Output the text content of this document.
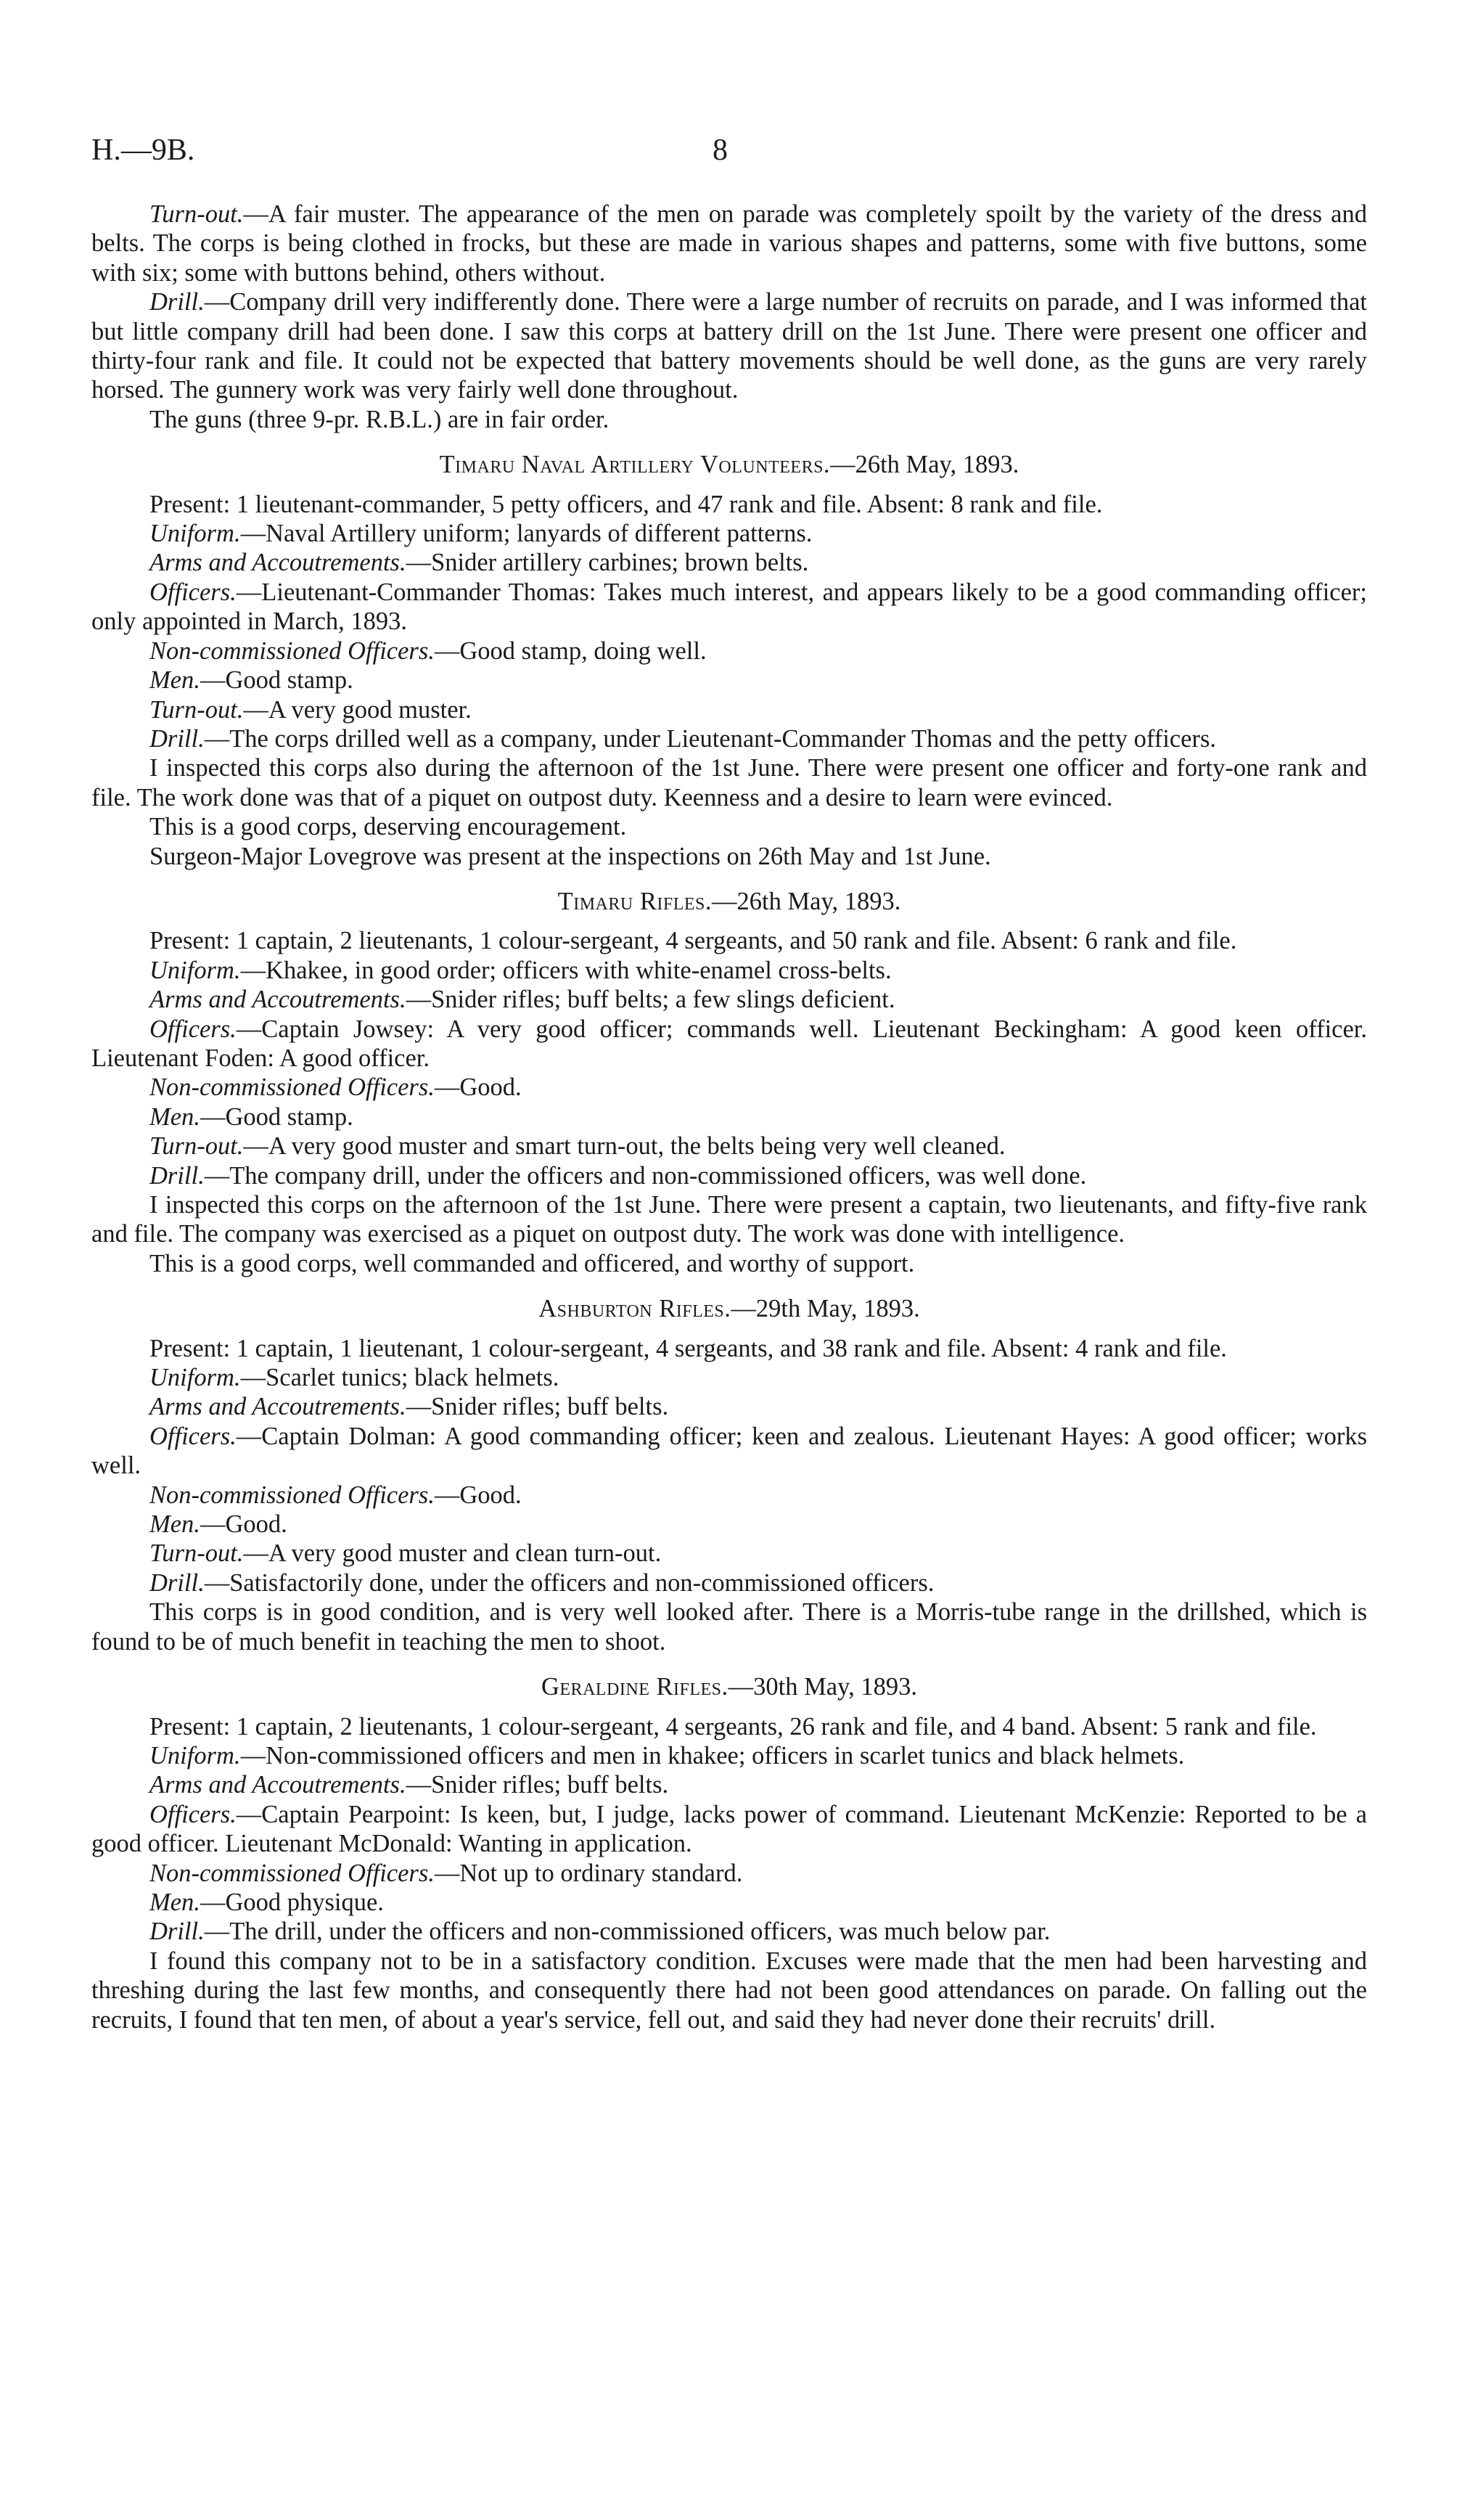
H.—9B.	8

Turn-out.—A fair muster. The appearance of the men on parade was completely spoilt by the variety of the dress and belts. The corps is being clothed in frocks, but these are made in various shapes and patterns, some with five buttons, some with six; some with buttons behind, others without.

Drill.—Company drill very indifferently done. There were a large number of recruits on parade, and I was informed that but little company drill had been done. I saw this corps at battery drill on the 1st June. There were present one officer and thirty-four rank and file. It could not be expected that battery movements should be well done, as the guns are very rarely horsed. The gunnery work was very fairly well done throughout.

The guns (three 9-pr. R.B.L.) are in fair order.

Timaru Naval Artillery Volunteers.—26th May, 1893.

Present: 1 lieutenant-commander, 5 petty officers, and 47 rank and file. Absent: 8 rank and file.

Uniform.—Naval Artillery uniform; lanyards of different patterns.

Arms and Accoutrements.—Snider artillery carbines; brown belts.

Officers.—Lieutenant-Commander Thomas: Takes much interest, and appears likely to be a good commanding officer; only appointed in March, 1893.

Non-commissioned Officers.—Good stamp, doing well.

Men.—Good stamp.

Turn-out.—A very good muster.

Drill.—The corps drilled well as a company, under Lieutenant-Commander Thomas and the petty officers.

I inspected this corps also during the afternoon of the 1st June. There were present one officer and forty-one rank and file. The work done was that of a piquet on outpost duty. Keenness and a desire to learn were evinced.

This is a good corps, deserving encouragement.

Surgeon-Major Lovegrove was present at the inspections on 26th May and 1st June.

Timaru Rifles.—26th May, 1893.

Present: 1 captain, 2 lieutenants, 1 colour-sergeant, 4 sergeants, and 50 rank and file. Absent: 6 rank and file.

Uniform.—Khakee, in good order; officers with white-enamel cross-belts.

Arms and Accoutrements.—Snider rifles; buff belts; a few slings deficient.

Officers.—Captain Jowsey: A very good officer; commands well. Lieutenant Beckingham: A good keen officer. Lieutenant Foden: A good officer.

Non-commissioned Officers.—Good.

Men.—Good stamp.

Turn-out.—A very good muster and smart turn-out, the belts being very well cleaned.

Drill.—The company drill, under the officers and non-commissioned officers, was well done.

I inspected this corps on the afternoon of the 1st June. There were present a captain, two lieutenants, and fifty-five rank and file. The company was exercised as a piquet on outpost duty. The work was done with intelligence.

This is a good corps, well commanded and officered, and worthy of support.

Ashburton Rifles.—29th May, 1893.

Present: 1 captain, 1 lieutenant, 1 colour-sergeant, 4 sergeants, and 38 rank and file. Absent: 4 rank and file.

Uniform.—Scarlet tunics; black helmets.

Arms and Accoutrements.—Snider rifles; buff belts.

Officers.—Captain Dolman: A good commanding officer; keen and zealous. Lieutenant Hayes: A good officer; works well.

Non-commissioned Officers.—Good.

Men.—Good.

Turn-out.—A very good muster and clean turn-out.

Drill.—Satisfactorily done, under the officers and non-commissioned officers.

This corps is in good condition, and is very well looked after. There is a Morris-tube range in the drillshed, which is found to be of much benefit in teaching the men to shoot.

Geraldine Rifles.—30th May, 1893.

Present: 1 captain, 2 lieutenants, 1 colour-sergeant, 4 sergeants, 26 rank and file, and 4 band. Absent: 5 rank and file.

Uniform.—Non-commissioned officers and men in khakee; officers in scarlet tunics and black helmets.

Arms and Accoutrements.—Snider rifles; buff belts.

Officers.—Captain Pearpoint: Is keen, but, I judge, lacks power of command. Lieutenant McKenzie: Reported to be a good officer. Lieutenant McDonald: Wanting in application.

Non-commissioned Officers.—Not up to ordinary standard.

Men.—Good physique.

Drill.—The drill, under the officers and non-commissioned officers, was much below par.

I found this company not to be in a satisfactory condition. Excuses were made that the men had been harvesting and threshing during the last few months, and consequently there had not been good attendances on parade. On falling out the recruits, I found that ten men, of about a year's service, fell out, and said they had never done their recruits' drill.
